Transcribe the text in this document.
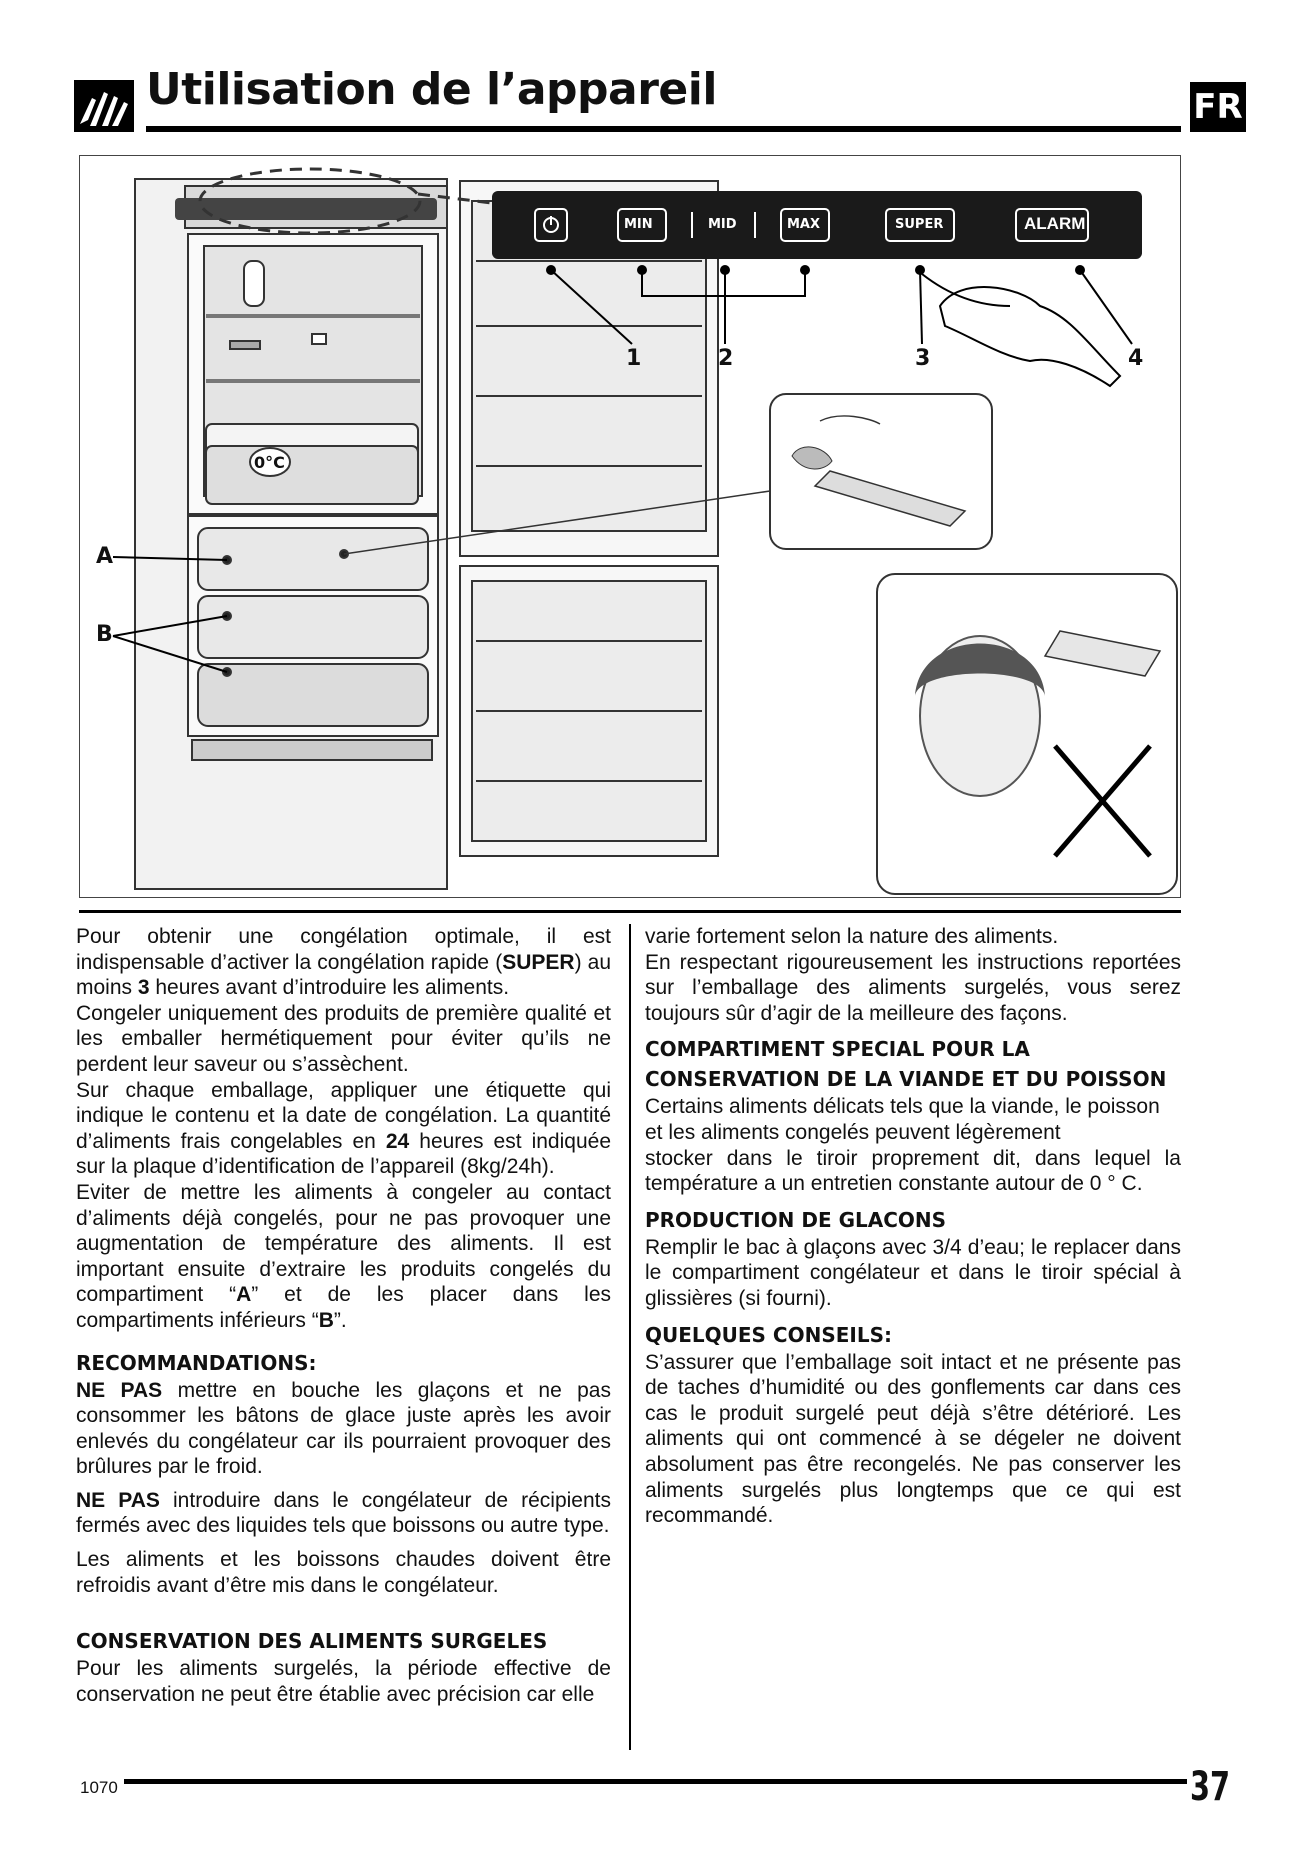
Utilisation de l’appareil	FR
MIN	MID	MAX	SUPER	ALARM
1	2	3	4
A
B
0°C

Pour obtenir une congélation optimale, il est indispensable d’activer la congélation rapide (SUPER) au moins 3 heures avant d’introduire les aliments.

Congeler uniquement des produits de première qualité et les emballer hermétiquement pour éviter qu’ils ne perdent leur saveur ou s’assèchent.

Sur chaque emballage, appliquer une étiquette qui indique le contenu et la date de congélation. La quantité d’aliments frais congelables en 24 heures est indiquée sur la plaque d’identification de l’appareil (8kg/24h).

Eviter de mettre les aliments à congeler au contact d’aliments déjà congelés, pour ne pas provoquer une augmentation de température des aliments. Il est important ensuite d’extraire les produits congelés du compartiment “A” et de les placer dans les compartiments inférieurs “B”.

RECOMMANDATIONS:

NE PAS mettre en bouche les glaçons et ne pas consommer les bâtons de glace juste après les avoir enlevés du congélateur car ils pourraient provoquer des brûlures par le froid.

NE PAS introduire dans le congélateur de récipients fermés avec des liquides tels que boissons ou autre type.

Les aliments et les boissons chaudes doivent être refroidis avant d’être mis dans le congélateur.

CONSERVATION DES ALIMENTS SURGELES

Pour les aliments surgelés, la période effective de conservation ne peut être établie avec précision car elle

varie fortement selon la nature des aliments.

En respectant rigoureusement les instructions reportées sur l’emballage des aliments surgelés, vous serez toujours sûr d’agir de la meilleure des façons.

COMPARTIMENT SPECIAL POUR LA CONSERVATION DE LA VIANDE ET DU POISSON

Certains aliments délicats tels que la viande, le poisson et les aliments congelés peuvent légèrement

stocker dans le tiroir proprement dit, dans lequel la température a un entretien constante autour de 0 ° C.

PRODUCTION DE GLACONS

Remplir le bac à glaçons avec 3/4 d’eau; le replacer dans le compartiment congélateur et dans le tiroir spécial à glissières (si fourni).

QUELQUES CONSEILS:

S’assurer que l’emballage soit intact et ne présente pas de taches d’humidité ou des gonflements car dans ces cas le produit surgelé peut déjà s’être détérioré. Les aliments qui ont commencé à se dégeler ne doivent absolument pas être recongelés. Ne pas conserver les aliments surgelés plus longtemps que ce qui est recommandé.

1070	37
